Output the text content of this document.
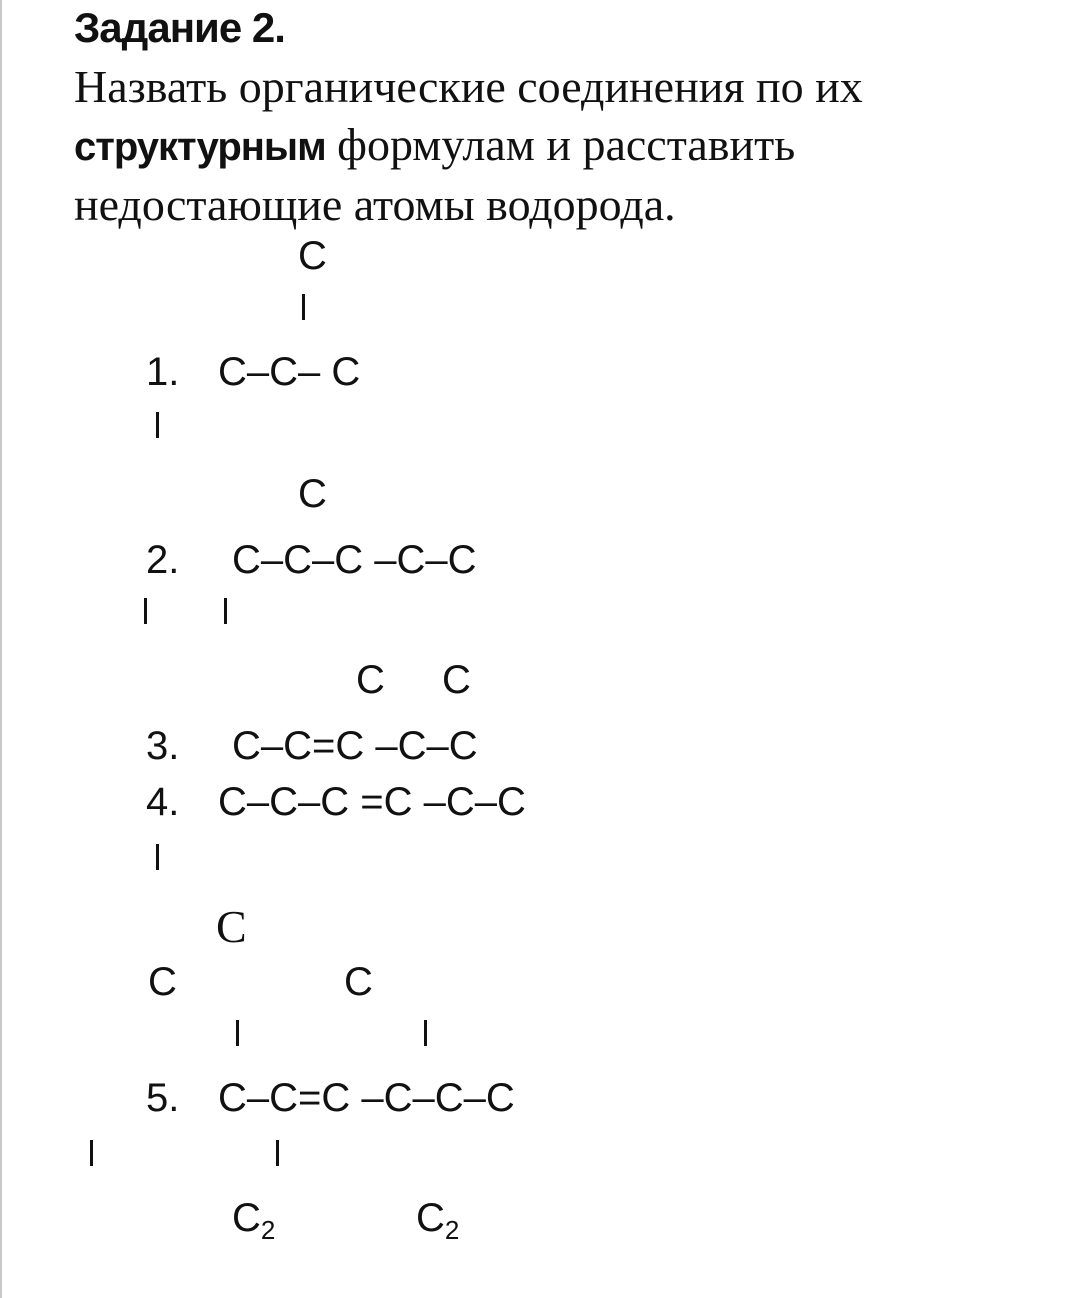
Задание 2.
Назвать органические соединения по их структурным формулам и расставить недостающие атомы водорода.
C
1. C–C– C
C
2. C–C–C –C–C
C C
3. C–C=C –C–C
4. C–C–C =C –C–C
C
C	C
5. C–C=C –C–C–C
$C_2$	$C_2$
